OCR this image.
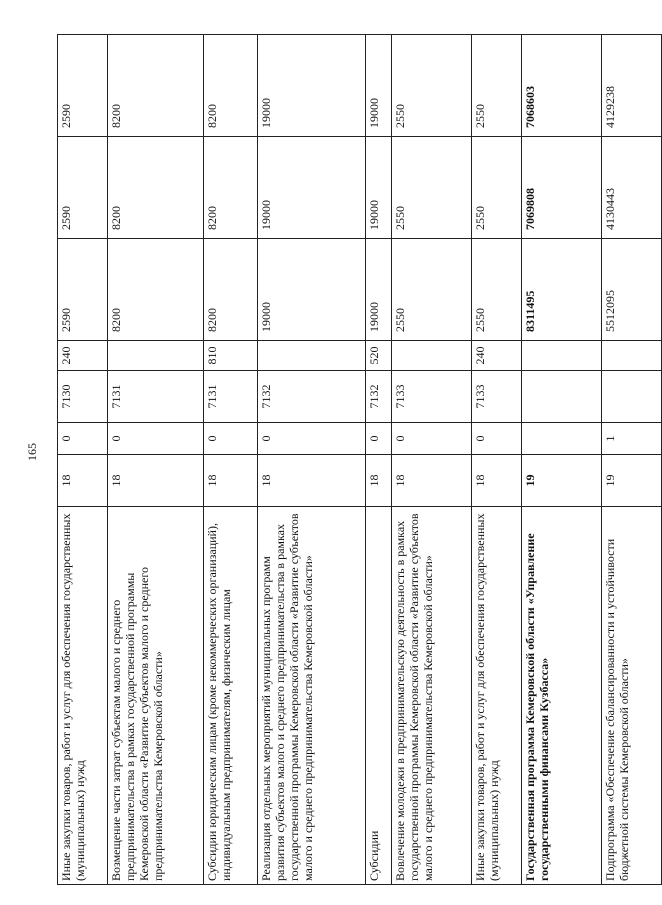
165
Иные закупки товаров, работ и услуг для обеспечения государственных (муниципальных) нужд	18	0	7130	240	2590	2590	2590
Возмещение части затрат субъектам малого и среднего предпринимательства в рамках государственной программы Кемеровской области «Развитие субъектов малого и среднего предпринимательства Кемеровской области»	18	0	7131		8200	8200	8200
Субсидии юридическим лицам (кроме некоммерческих организаций), индивидуальным предпринимателям, физическим лицам	18	0	7131	810	8200	8200	8200
Реализация отдельных мероприятий муниципальных программ развития субъектов малого и среднего предпринимательства в рамках государственной программы Кемеровской области «Развитие субъектов малого и среднего предпринимательства Кемеровской области»	18	0	7132		19000	19000	19000
Субсидии	18	0	7132	520	19000	19000	19000
Вовлечение молодежи в предпринимательскую деятельность в рамках государственной программы Кемеровской области «Развитие субъектов малого и среднего предпринимательства Кемеровской области»	18	0	7133		2550	2550	2550
Иные закупки товаров, работ и услуг для обеспечения государственных (муниципальных) нужд	18	0	7133	240	2550	2550	2550
Государственная программа Кемеровской области «Управление государственными финансами Кузбасса»	19				8311495	7069808	7068603
Подпрограмма «Обеспечение сбалансированности и устойчивости бюджетной системы Кемеровской области»	19	1			5512095	4130443	4129238
